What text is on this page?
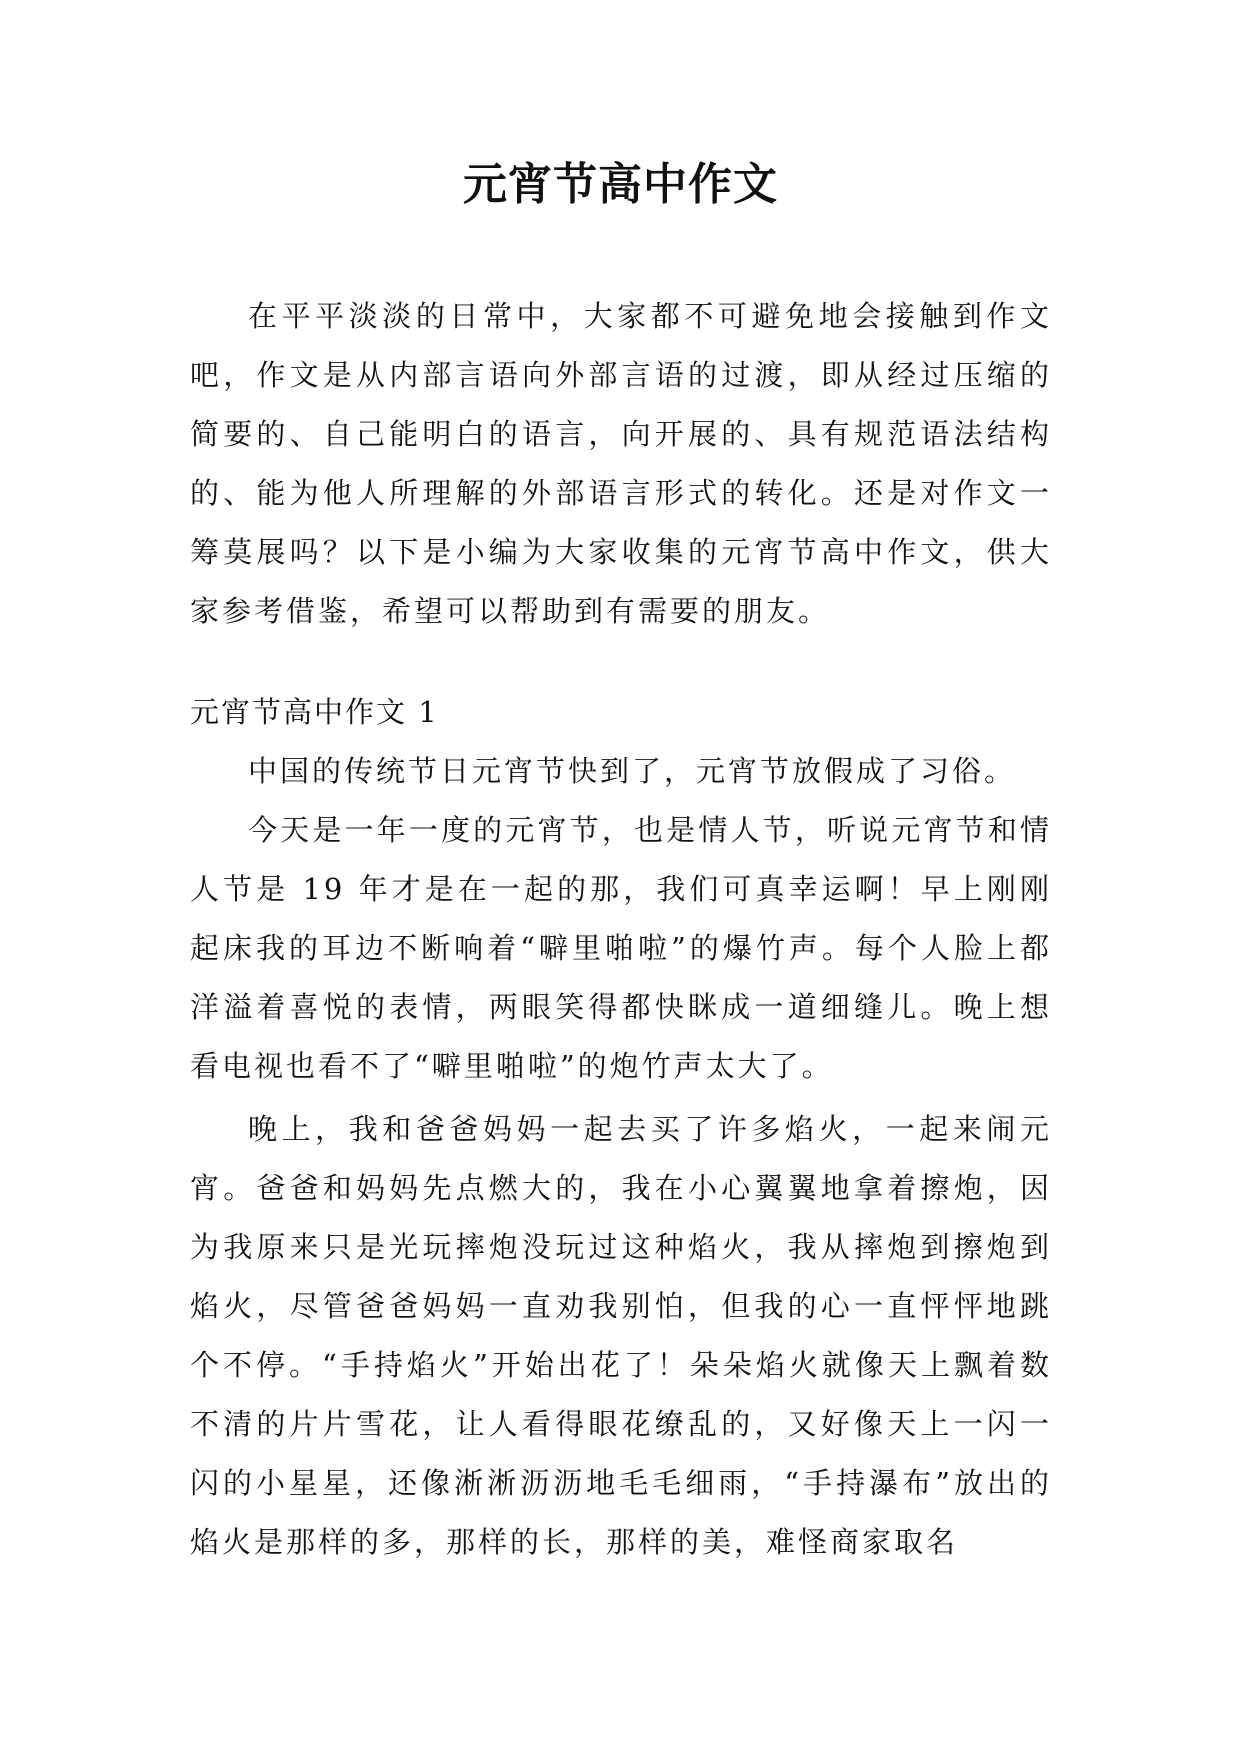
元宵节高中作文

在平平淡淡的日常中，大家都不可避免地会接触到作文吧，作文是从内部言语向外部言语的过渡，即从经过压缩的简要的、自己能明白的语言，向开展的、具有规范语法结构的、能为他人所理解的外部语言形式的转化。还是对作文一筹莫展吗？以下是小编为大家收集的元宵节高中作文，供大家参考借鉴，希望可以帮助到有需要的朋友。

元宵节高中作文 1

中国的传统节日元宵节快到了，元宵节放假成了习俗。

今天是一年一度的元宵节，也是情人节，听说元宵节和情人节是 19 年才是在一起的那，我们可真幸运啊！早上刚刚起床我的耳边不断响着“噼里啪啦”的爆竹声。每个人脸上都洋溢着喜悦的表情，两眼笑得都快眯成一道细缝儿。晚上想看电视也看不了“噼里啪啦”的炮竹声太大了。

晚上，我和爸爸妈妈一起去买了许多焰火，一起来闹元宵。爸爸和妈妈先点燃大的，我在小心翼翼地拿着擦炮，因为我原来只是光玩摔炮没玩过这种焰火，我从摔炮到擦炮到焰火，尽管爸爸妈妈一直劝我别怕，但我的心一直怦怦地跳个不停。“手持焰火”开始出花了！朵朵焰火就像天上飘着数不清的片片雪花，让人看得眼花缭乱的，又好像天上一闪一闪的小星星，还像淅淅沥沥地毛毛细雨，“手持瀑布”放出的焰火是那样的多，那样的长，那样的美，难怪商家取名
